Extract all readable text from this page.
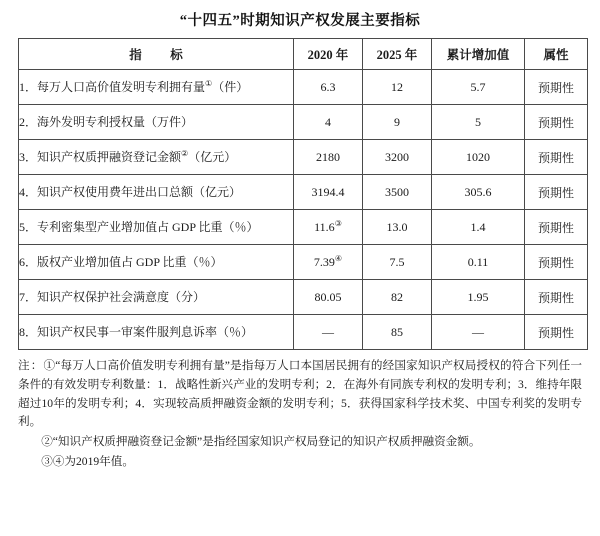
“十四五”时期知识产权发展主要指标
指　标	2020 年	2025 年	累计增加值	属性
1．每万人口高价值发明专利拥有量①（件）	6.3	12	5.7	预期性
2．海外发明专利授权量（万件）	4	9	5	预期性
3．知识产权质押融资登记金额②（亿元）	2180	3200	1020	预期性
4．知识产权使用费年进出口总额（亿元）	3194.4	3500	305.6	预期性
5．专利密集型产业增加值占 GDP 比重（％）	11.6③	13.0	1.4	预期性
6．版权产业增加值占 GDP 比重（％）	7.39④	7.5	0.11	预期性
7．知识产权保护社会满意度（分）	80.05	82	1.95	预期性
8．知识产权民事一审案件服判息诉率（％）	—	85	—	预期性

注：①“每万人口高价值发明专利拥有量”是指每万人口本国居民拥有的经国家知识产权局授权的符合下列任一条件的有效发明专利数量：1．战略性新兴产业的发明专利；2．在海外有同族专利权的发明专利；3．维持年限超过10年的发明专利；4．实现较高质押融资金额的发明专利；5．获得国家科学技术奖、中国专利奖的发明专利。

②“知识产权质押融资登记金额”是指经国家知识产权局登记的知识产权质押融资金额。

③④为2019年值。
